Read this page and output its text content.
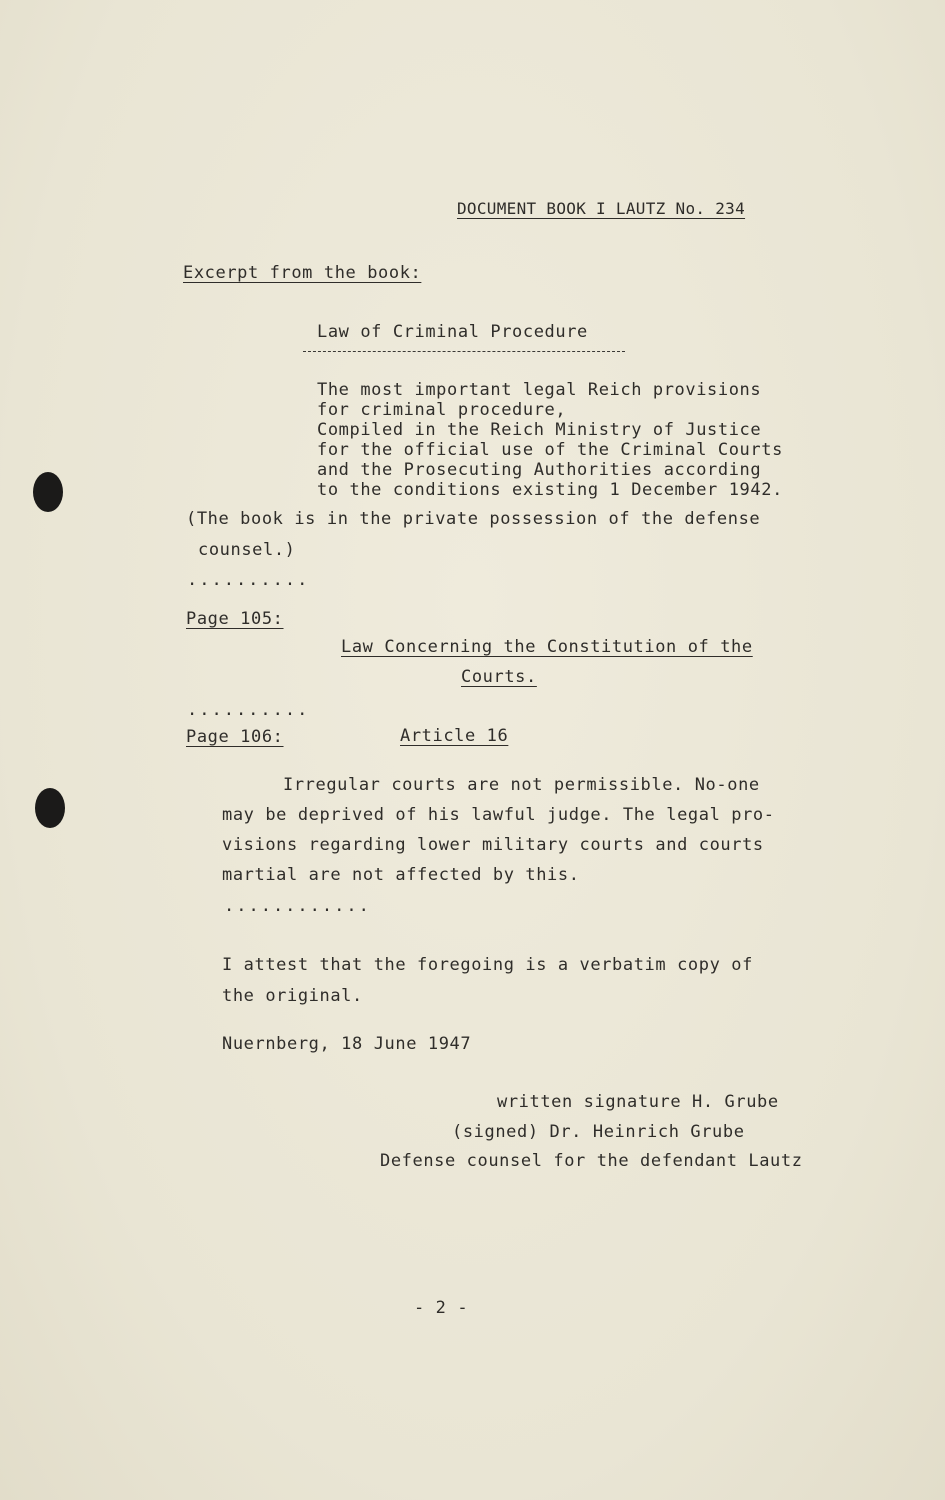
DOCUMENT BOOK I LAUTZ No. 234
Excerpt from the book:
Law of Criminal Procedure
The most important legal Reich provisions
for criminal procedure,
Compiled in the Reich Ministry of Justice
for the official use of the Criminal Courts
and the Prosecuting Authorities according
to the conditions existing 1 December 1942.
(The book is in the private possession of the defense
counsel.)
..........
Page 105:
Law Concerning the Constitution of the
Courts.
..........
Page 106:	Article 16
Irregular courts are not permissible. No-one
may be deprived of his lawful judge. The legal pro-
visions regarding lower military courts and courts
martial are not affected by this.
............
I attest that the foregoing is a verbatim copy of
the original.
Nuernberg, 18 June 1947
written signature H. Grube
(signed) Dr. Heinrich Grube
Defense counsel for the defendant Lautz
- 2 -
